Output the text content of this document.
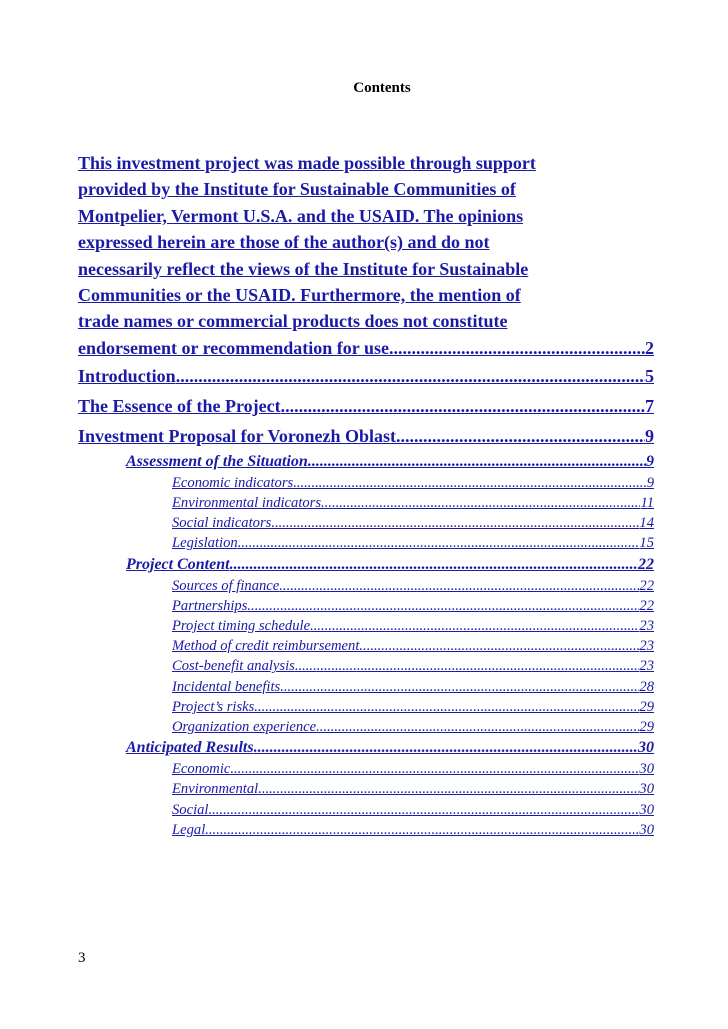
Contents
This investment project was made possible through support
provided by the Institute for Sustainable Communities of
Montpelier, Vermont U.S.A. and the USAID. The opinions
expressed herein are those of the author(s) and do not
necessarily reflect the views of the Institute for Sustainable
Communities or the USAID. Furthermore, the mention of
trade names or commercial products does not constitute
endorsement or recommendation for use .....	2
Introduction .....	5
The Essence of the Project .....	7
Investment Proposal for Voronezh Oblast .....	9
Assessment of the Situation .....	9
Economic indicators .....	9
Environmental indicators .....	11
Social indicators .....	14
Legislation .....	15
Project Content .....	22
Sources of finance .....	22
Partnerships .....	22
Project timing schedule .....	23
Method of credit reimbursement .....	23
Cost-benefit analysis .....	23
Incidental benefits .....	28
Project’s risks .....	29
Organization experience .....	29
Anticipated Results .....	30
Economic .....	30
Environmental .....	30
Social .....	30
Legal .....	30
3
